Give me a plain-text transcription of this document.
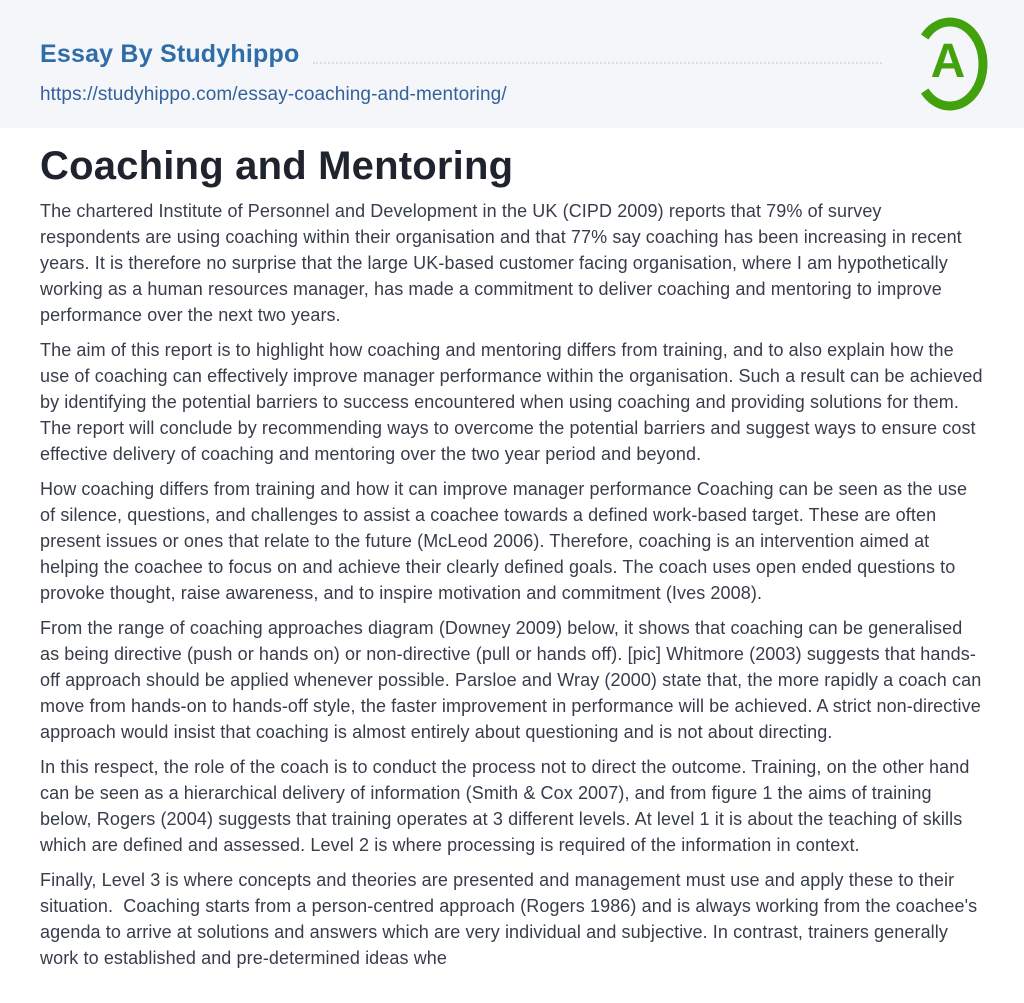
Essay By Studyhippo
https://studyhippo.com/essay-coaching-and-mentoring/
A
Coaching and Mentoring

The chartered Institute of Personnel and Development in the UK (CIPD 2009) reports that 79% of survey respondents are using coaching within their organisation and that 77% say coaching has been increasing in recent years. It is therefore no surprise that the large UK-based customer facing organisation, where I am hypothetically working as a human resources manager, has made a commitment to deliver coaching and mentoring to improve performance over the next two years.

The aim of this report is to highlight how coaching and mentoring differs from training, and to also explain how the use of coaching can effectively improve manager performance within the organisation. Such a result can be achieved by identifying the potential barriers to success encountered when using coaching and providing solutions for them. The report will conclude by recommending ways to overcome the potential barriers and suggest ways to ensure cost effective delivery of coaching and mentoring over the two year period and beyond.

How coaching differs from training and how it can improve manager performance Coaching can be seen as the use of silence, questions, and challenges to assist a coachee towards a defined work-based target. These are often present issues or ones that relate to the future (McLeod 2006). Therefore, coaching is an intervention aimed at helping the coachee to focus on and achieve their clearly defined goals. The coach uses open ended questions to provoke thought, raise awareness, and to inspire motivation and commitment (Ives 2008).

From the range of coaching approaches diagram (Downey 2009) below, it shows that coaching can be generalised as being directive (push or hands on) or non-directive (pull or hands off). [pic] Whitmore (2003) suggests that hands-off approach should be applied whenever possible. Parsloe and Wray (2000) state that, the more rapidly a coach can move from hands-on to hands-off style, the faster improvement in performance will be achieved. A strict non-directive approach would insist that coaching is almost entirely about questioning and is not about directing.

In this respect, the role of the coach is to conduct the process not to direct the outcome. Training, on the other hand can be seen as a hierarchical delivery of information (Smith & Cox 2007), and from figure 1 the aims of training below, Rogers (2004) suggests that training operates at 3 different levels. At level 1 it is about the teaching of skills which are defined and assessed. Level 2 is where processing is required of the information in context.

Finally, Level 3 is where concepts and theories are presented and management must use and apply these to their situation.  Coaching starts from a person-centred approach (Rogers 1986) and is always working from the coachee's agenda to arrive at solutions and answers which are very individual and subjective. In contrast, trainers generally work to established and pre-determined ideas whe
